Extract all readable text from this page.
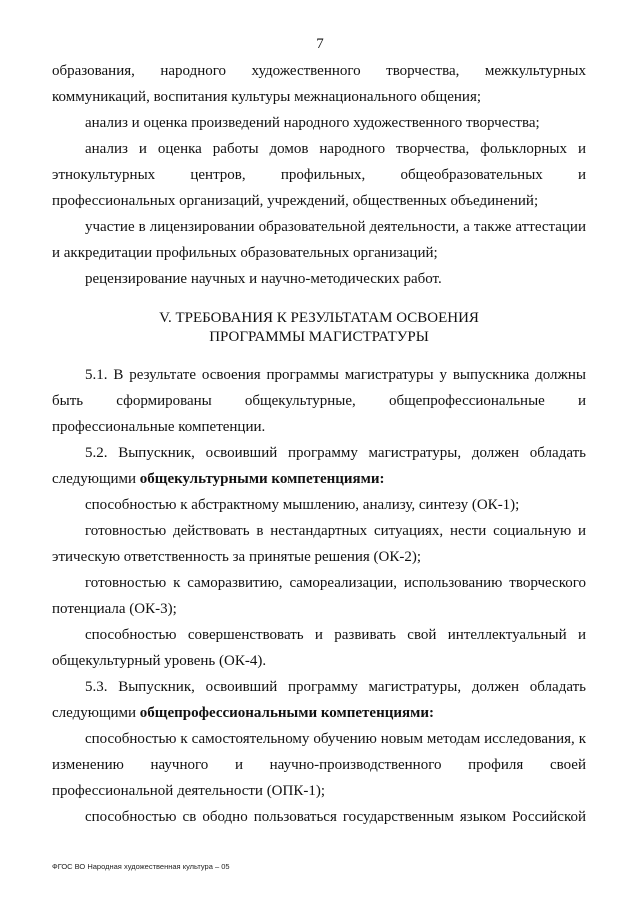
7

образования, народного художественного творчества, межкультурных коммуникаций, воспитания культуры межнационального общения;

анализ и оценка произведений народного художественного творчества;

анализ и оценка работы домов народного творчества, фольклорных и этнокультурных центров, профильных, общеобразовательных и профессиональных организаций, учреждений, общественных объединений;

участие в лицензировании образовательной деятельности, а также аттестации и аккредитации профильных образовательных организаций;

рецензирование научных и научно-методических работ.

V. ТРЕБОВАНИЯ К РЕЗУЛЬТАТАМ ОСВОЕНИЯ
ПРОГРАММЫ МАГИСТРАТУРЫ

5.1. В результате освоения программы магистратуры у выпускника должны быть сформированы общекультурные, общепрофессиональные и профессиональные компетенции.

5.2. Выпускник, освоивший программу магистратуры, должен обладать следующими общекультурными компетенциями:

способностью к абстрактному мышлению, анализу, синтезу (ОК-1);

готовностью действовать в нестандартных ситуациях, нести социальную и этическую ответственность за принятые решения (ОК-2);

готовностью к саморазвитию, самореализации, использованию творческого потенциала (ОК-3);

способностью совершенствовать и развивать свой интеллектуальный и общекультурный уровень (ОК-4).

5.3. Выпускник, освоивший программу магистратуры, должен обладать следующими общепрофессиональными компетенциями:

способностью к самостоятельному обучению новым методам исследования, к изменению научного и научно-производственного профиля своей профессиональной деятельности (ОПК-1);

способностью св ободно пользоваться государственным языком Российской

ФГОС ВО Народная художественная культура – 05
